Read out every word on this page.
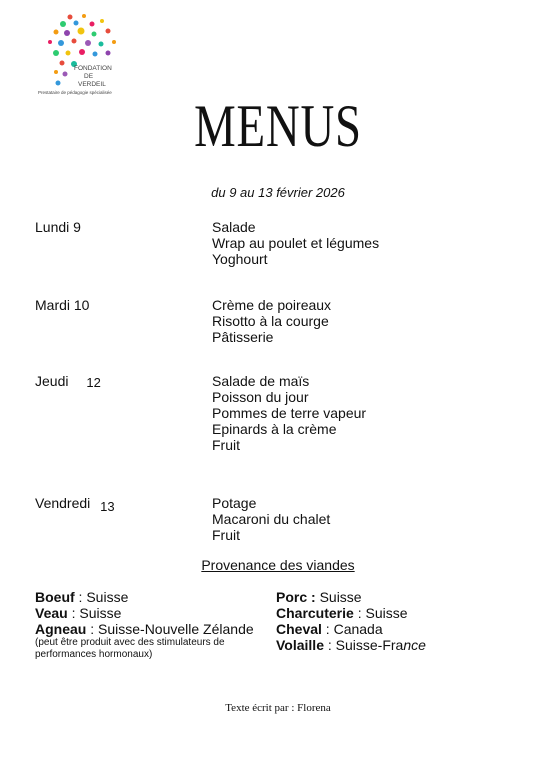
FONDATION
DE
VERDEIL
Prestataire de pédagogie spécialisée
MENUS
du 9 au 13 février 2026
Lundi 9	Salade
Wrap au poulet et légumes
Yoghourt
Mardi 10	Crème de poireaux
Risotto à la courge
Pâtisserie
Jeudi 12	Salade de maïs
Poisson du jour
Pommes de terre vapeur
Epinards à la crème
Fruit
Vendredi 13	Potage
Macaroni du chalet
Fruit
Provenance des viandes
Boeuf : Suisse
Veau : Suisse
Agneau : Suisse-Nouvelle Zélande
(peut être produit avec des stimulateurs de performances hormonaux)
Porc : Suisse
Charcuterie : Suisse
Cheval : Canada
Volaille : Suisse-France
Texte écrit par : Florena
